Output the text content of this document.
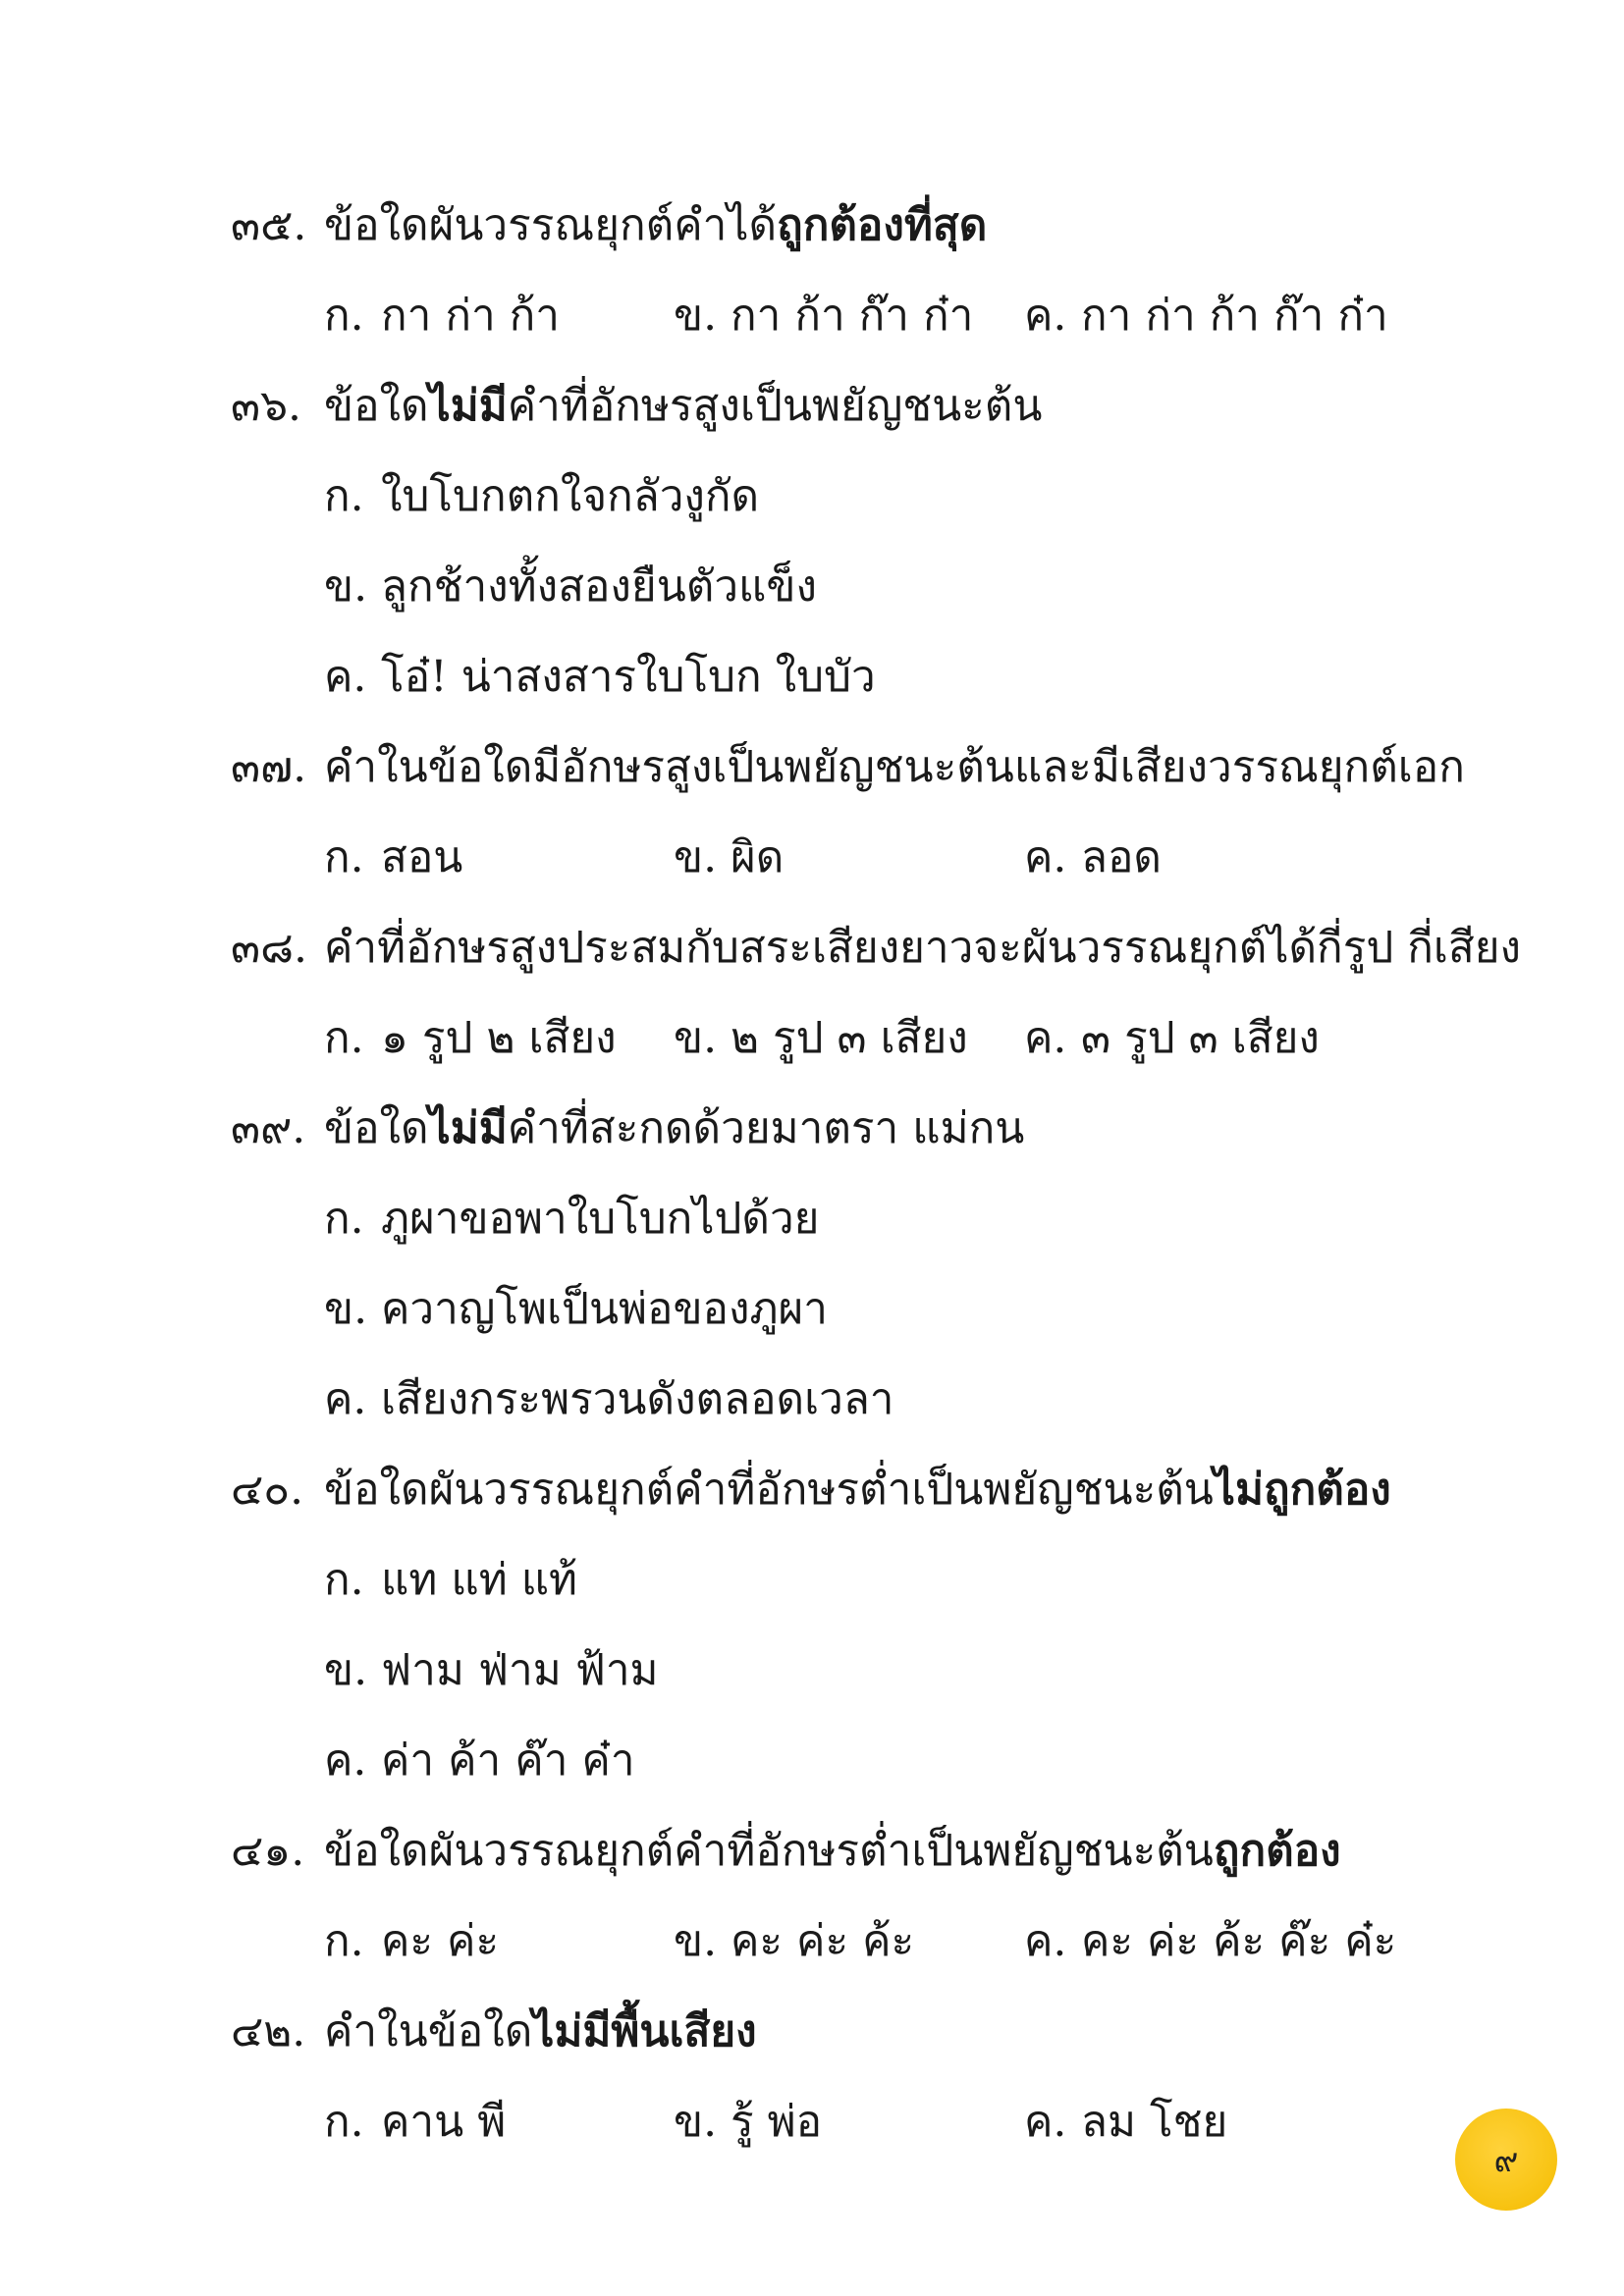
๓๕. ข้อใดผันวรรณยุกต์คำได้ถูกต้องที่สุด
ก. กา ก่า ก้า	ข. กา ก้า ก๊า ก๋า ค. กา ก่า ก้า ก๊า ก๋า
๓๖. ข้อใดไม่มีคำที่อักษรสูงเป็นพยัญชนะต้น
ก. ใบโบกตกใจกลัวงูกัด
ข. ลูกช้างทั้งสองยืนตัวแข็ง
ค. โอ๋! น่าสงสารใบโบก ใบบัว
๓๗. คำในข้อใดมีอักษรสูงเป็นพยัญชนะต้นและมีเสียงวรรณยุกต์เอก
ก. สอน	ข. ผิด	ค. ลอด
๓๘. คำที่อักษรสูงประสมกับสระเสียงยาวจะผันวรรณยุกต์ได้กี่รูป กี่เสียง
ก. ๑ รูป ๒ เสียง ข. ๒ รูป ๓ เสียง ค. ๓ รูป ๓ เสียง
๓๙. ข้อใดไม่มีคำที่สะกดด้วยมาตรา แม่กน
ก. ภูผาขอพาใบโบกไปด้วย
ข. ควาญโพเป็นพ่อของภูผา
ค. เสียงกระพรวนดังตลอดเวลา
๔๐. ข้อใดผันวรรณยุกต์คำที่อักษรต่ำเป็นพยัญชนะต้นไม่ถูกต้อง
ก. แท แท่ แท้
ข. ฟาม ฟ่าม ฟ้าม
ค. ค่า ค้า ค๊า ค๋า
๔๑. ข้อใดผันวรรณยุกต์คำที่อักษรต่ำเป็นพยัญชนะต้นถูกต้อง
ก. คะ ค่ะ	ข. คะ ค่ะ ค้ะ	ค. คะ ค่ะ ค้ะ ค๊ะ ค๋ะ
๔๒. คำในข้อใดไม่มีพื้นเสียง
ก. คาน พี	ข. รู้ พ่อ	ค. ลม โชย
๙
